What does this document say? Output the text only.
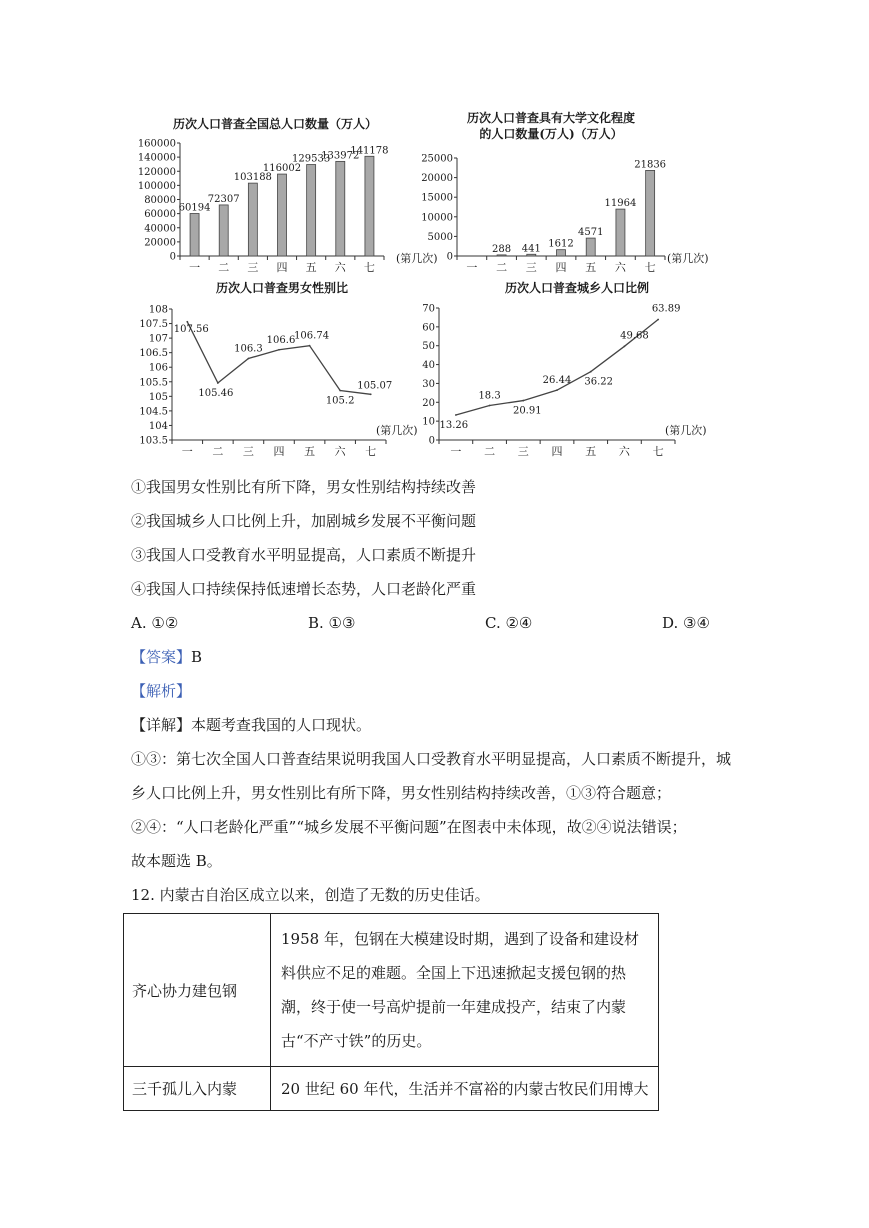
历次人口普查全国总人口数量（万人）
160000
140000
120000
100000
80000
60000
40000
20000
0
60194
72307
103188
116002
129533
133972
141178
一 二 三 四 五 六 七
(第几次)
历次人口普查具有大学文化程度
的人口数量(万人)（万人）
25000
20000
15000
10000
5000
0
288 441 1612
4571
11964
21836
一 二 三 四 五 六 七
(第几次)
历次人口普查男女性别比
108
107.5
107
106.5
106
105.5
105
104.5
104
103.5
107.56
105.46
106.3
106.6
106.74
105.2
105.07
一 二 三 四 五 六 七
(第几次)
历次人口普查城乡人口比例
70
60
50
40
30
20
10
0
13.26
18.3
20.91
26.44 36.22
49.68
63.89
一 二 三 四 五 六 七
(第几次)
①我国男女性别比有所下降，男女性别结构持续改善
②我国城乡人口比例上升，加剧城乡发展不平衡问题
③我国人口受教育水平明显提高，人口素质不断提升
④我国人口持续保持低速增长态势，人口老龄化严重
A. ①②	B. ①③	C. ②④	D. ③④
【答案】B
【解析】
【详解】本题考查我国的人口现状。
①③：第七次全国人口普查结果说明我国人口受教育水平明显提高，人口素质不断提升，城
乡人口比例上升，男女性别比有所下降，男女性别结构持续改善，①③符合题意；
②④：“人口老龄化严重”“城乡发展不平衡问题”在图表中未体现，故②④说法错误；
故本题选 B。
12. 内蒙古自治区成立以来，创造了无数的历史佳话。
齐心协力建包钢	1958 年，包钢在大模建设时期，遇到了设备和建设材料供应不足的难题。全国上下迅速掀起支援包钢的热潮，终于使一号高炉提前一年建成投产，结束了内蒙古“不产寸铁”的历史。
三千孤儿入内蒙	20 世纪 60 年代，生活并不富裕的内蒙古牧民们用博大
